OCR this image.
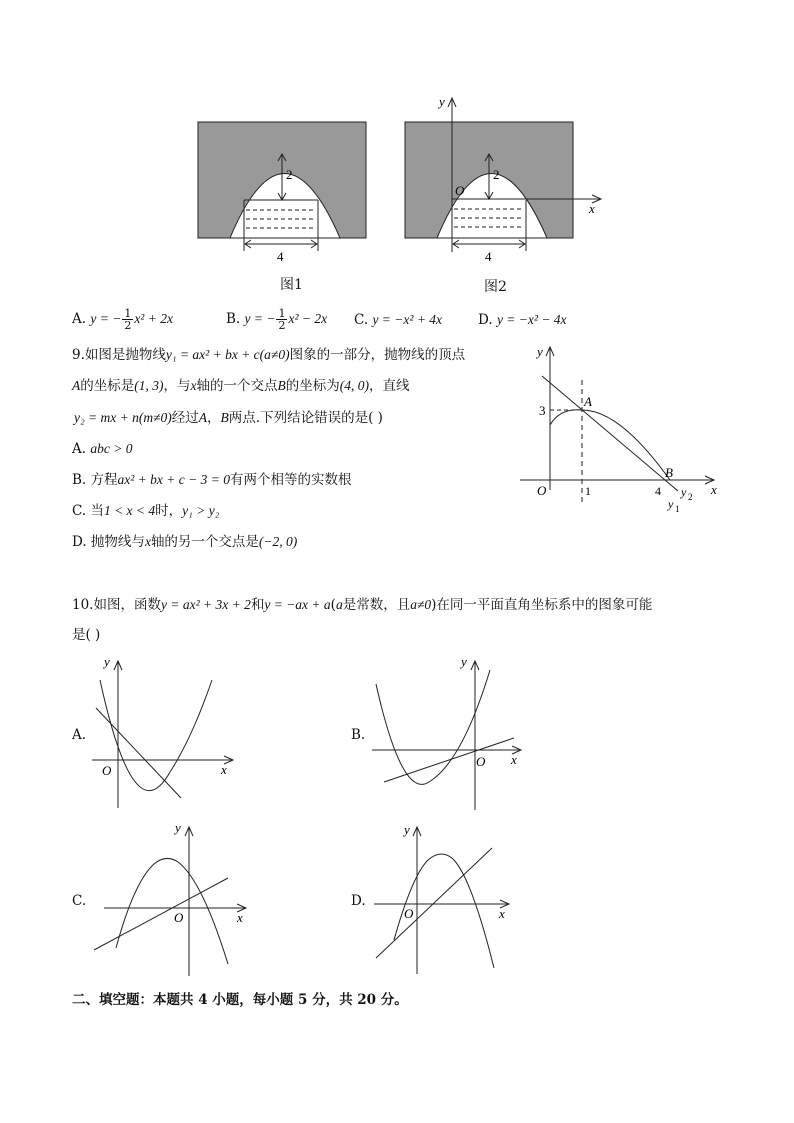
2
4
图1
y
x
O
2
4
图2
A. y = − $\frac{1}{2} x^2 + 2x$	B. y = − $\frac{1}{2} x^2 - 2x$ C. y = −x² + 4x	D. y = −x² − 4x
9.如图是抛物线y₁ = ax² + bx + c(a≠0)图象的一部分，抛物线的顶点
A的坐标是(1, 3)，与x轴的一个交点B的坐标为(4, 0)，直线
y₂ = mx + n(m≠0)经过A，B两点.下列结论错误的是( )
A. abc > 0
B. 方程ax² + bx + c − 3 = 0有两个相等的实数根
C. 当1 < x < 4时，y₁ > y₂
D. 抛物线与x轴的另一个交点是(−2, 0)
y
x
O
3
1	4
A
B
y 2
y 1
10.如图，函数y = ax² + 3x + 2和y = −ax + a(a是常数，且a≠0)在同一平面直角坐标系中的图象可能
是( )
A.
y
x
O
B.
y
x
O
C.
y
x
O
D.
y
x
O
二、填空题：本题共 4 小题，每小题 5 分，共 20 分。
